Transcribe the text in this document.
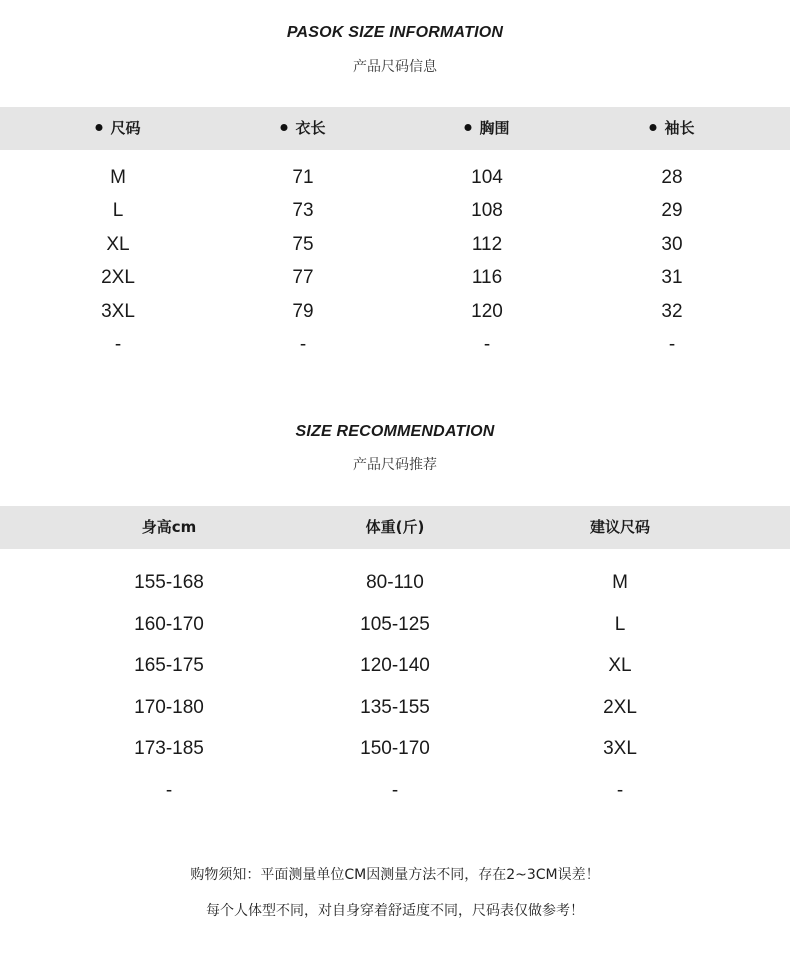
PASOK SIZE INFORMATION
产品尺码信息
尺码	衣长	胸围	袖长
M	71	104	28
L	73	108	29
XL	75	112	30
2XL	77	116	31
3XL	79	120	32
-	-	-	-
SIZE RECOMMENDATION
产品尺码推荐
身高cm	体重(斤)	建议尺码
155-168	80-110	M
160-170	105-125	L
165-175	120-140	XL
170-180	135-155	2XL
173-185	150-170	3XL
-	-	-
购物须知：平面测量单位CM因测量方法不同，存在2~3CM误差！
每个人体型不同，对自身穿着舒适度不同，尺码表仅做参考！
